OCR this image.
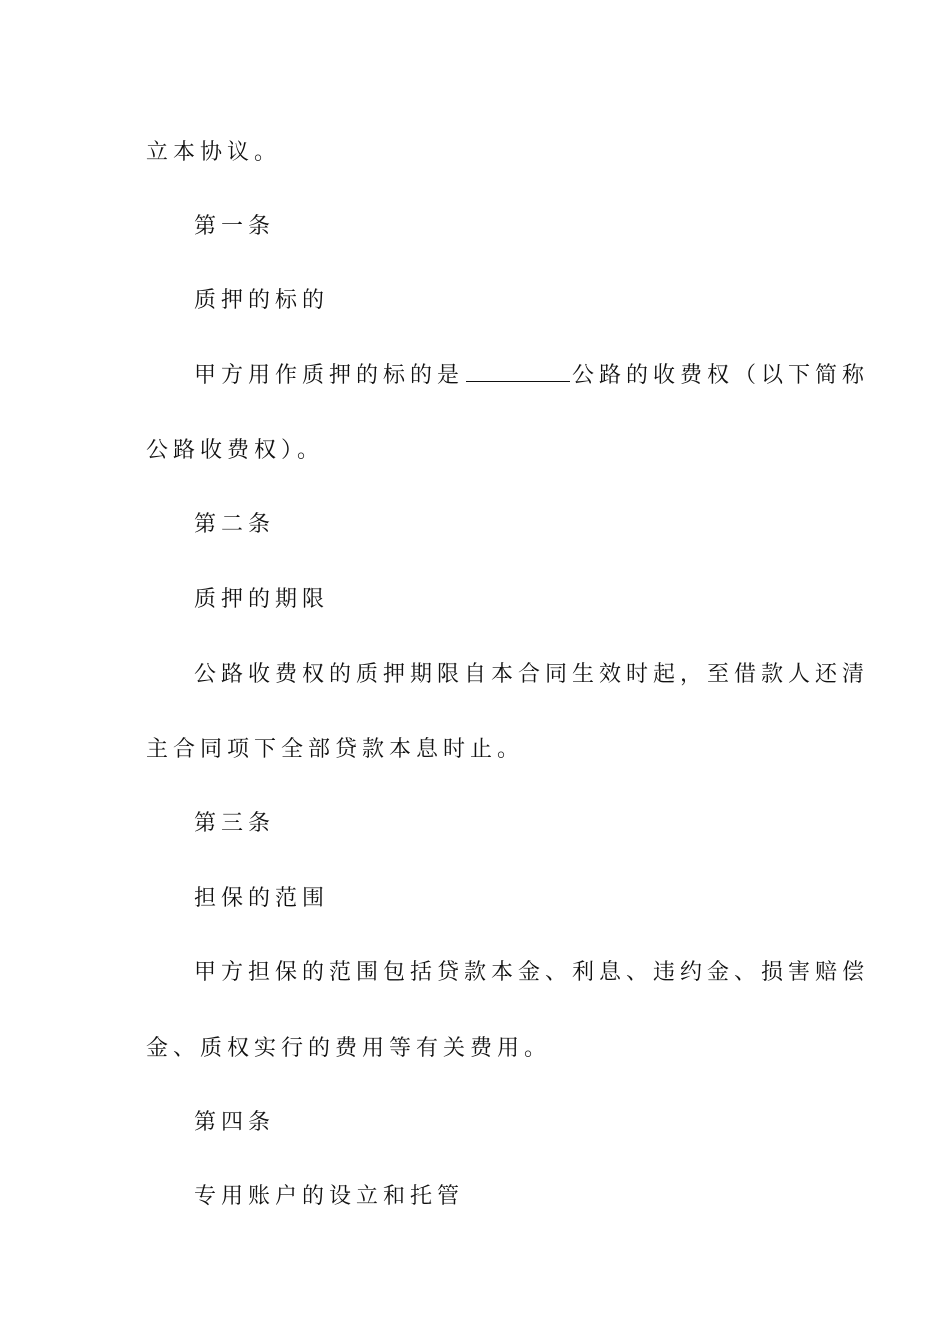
立本协议。
第一条
质押的标的
甲方用作质押的标的是	公路的收费权（以下简称
公路收费权）。
第二条
质押的期限
公路收费权的质押期限自本合同生效时起，至借款人还清
主合同项下全部贷款本息时止。
第三条
担保的范围
甲方担保的范围包括贷款本金、利息、违约金、损害赔偿
金、质权实行的费用等有关费用。
第四条
专用账户的设立和托管
